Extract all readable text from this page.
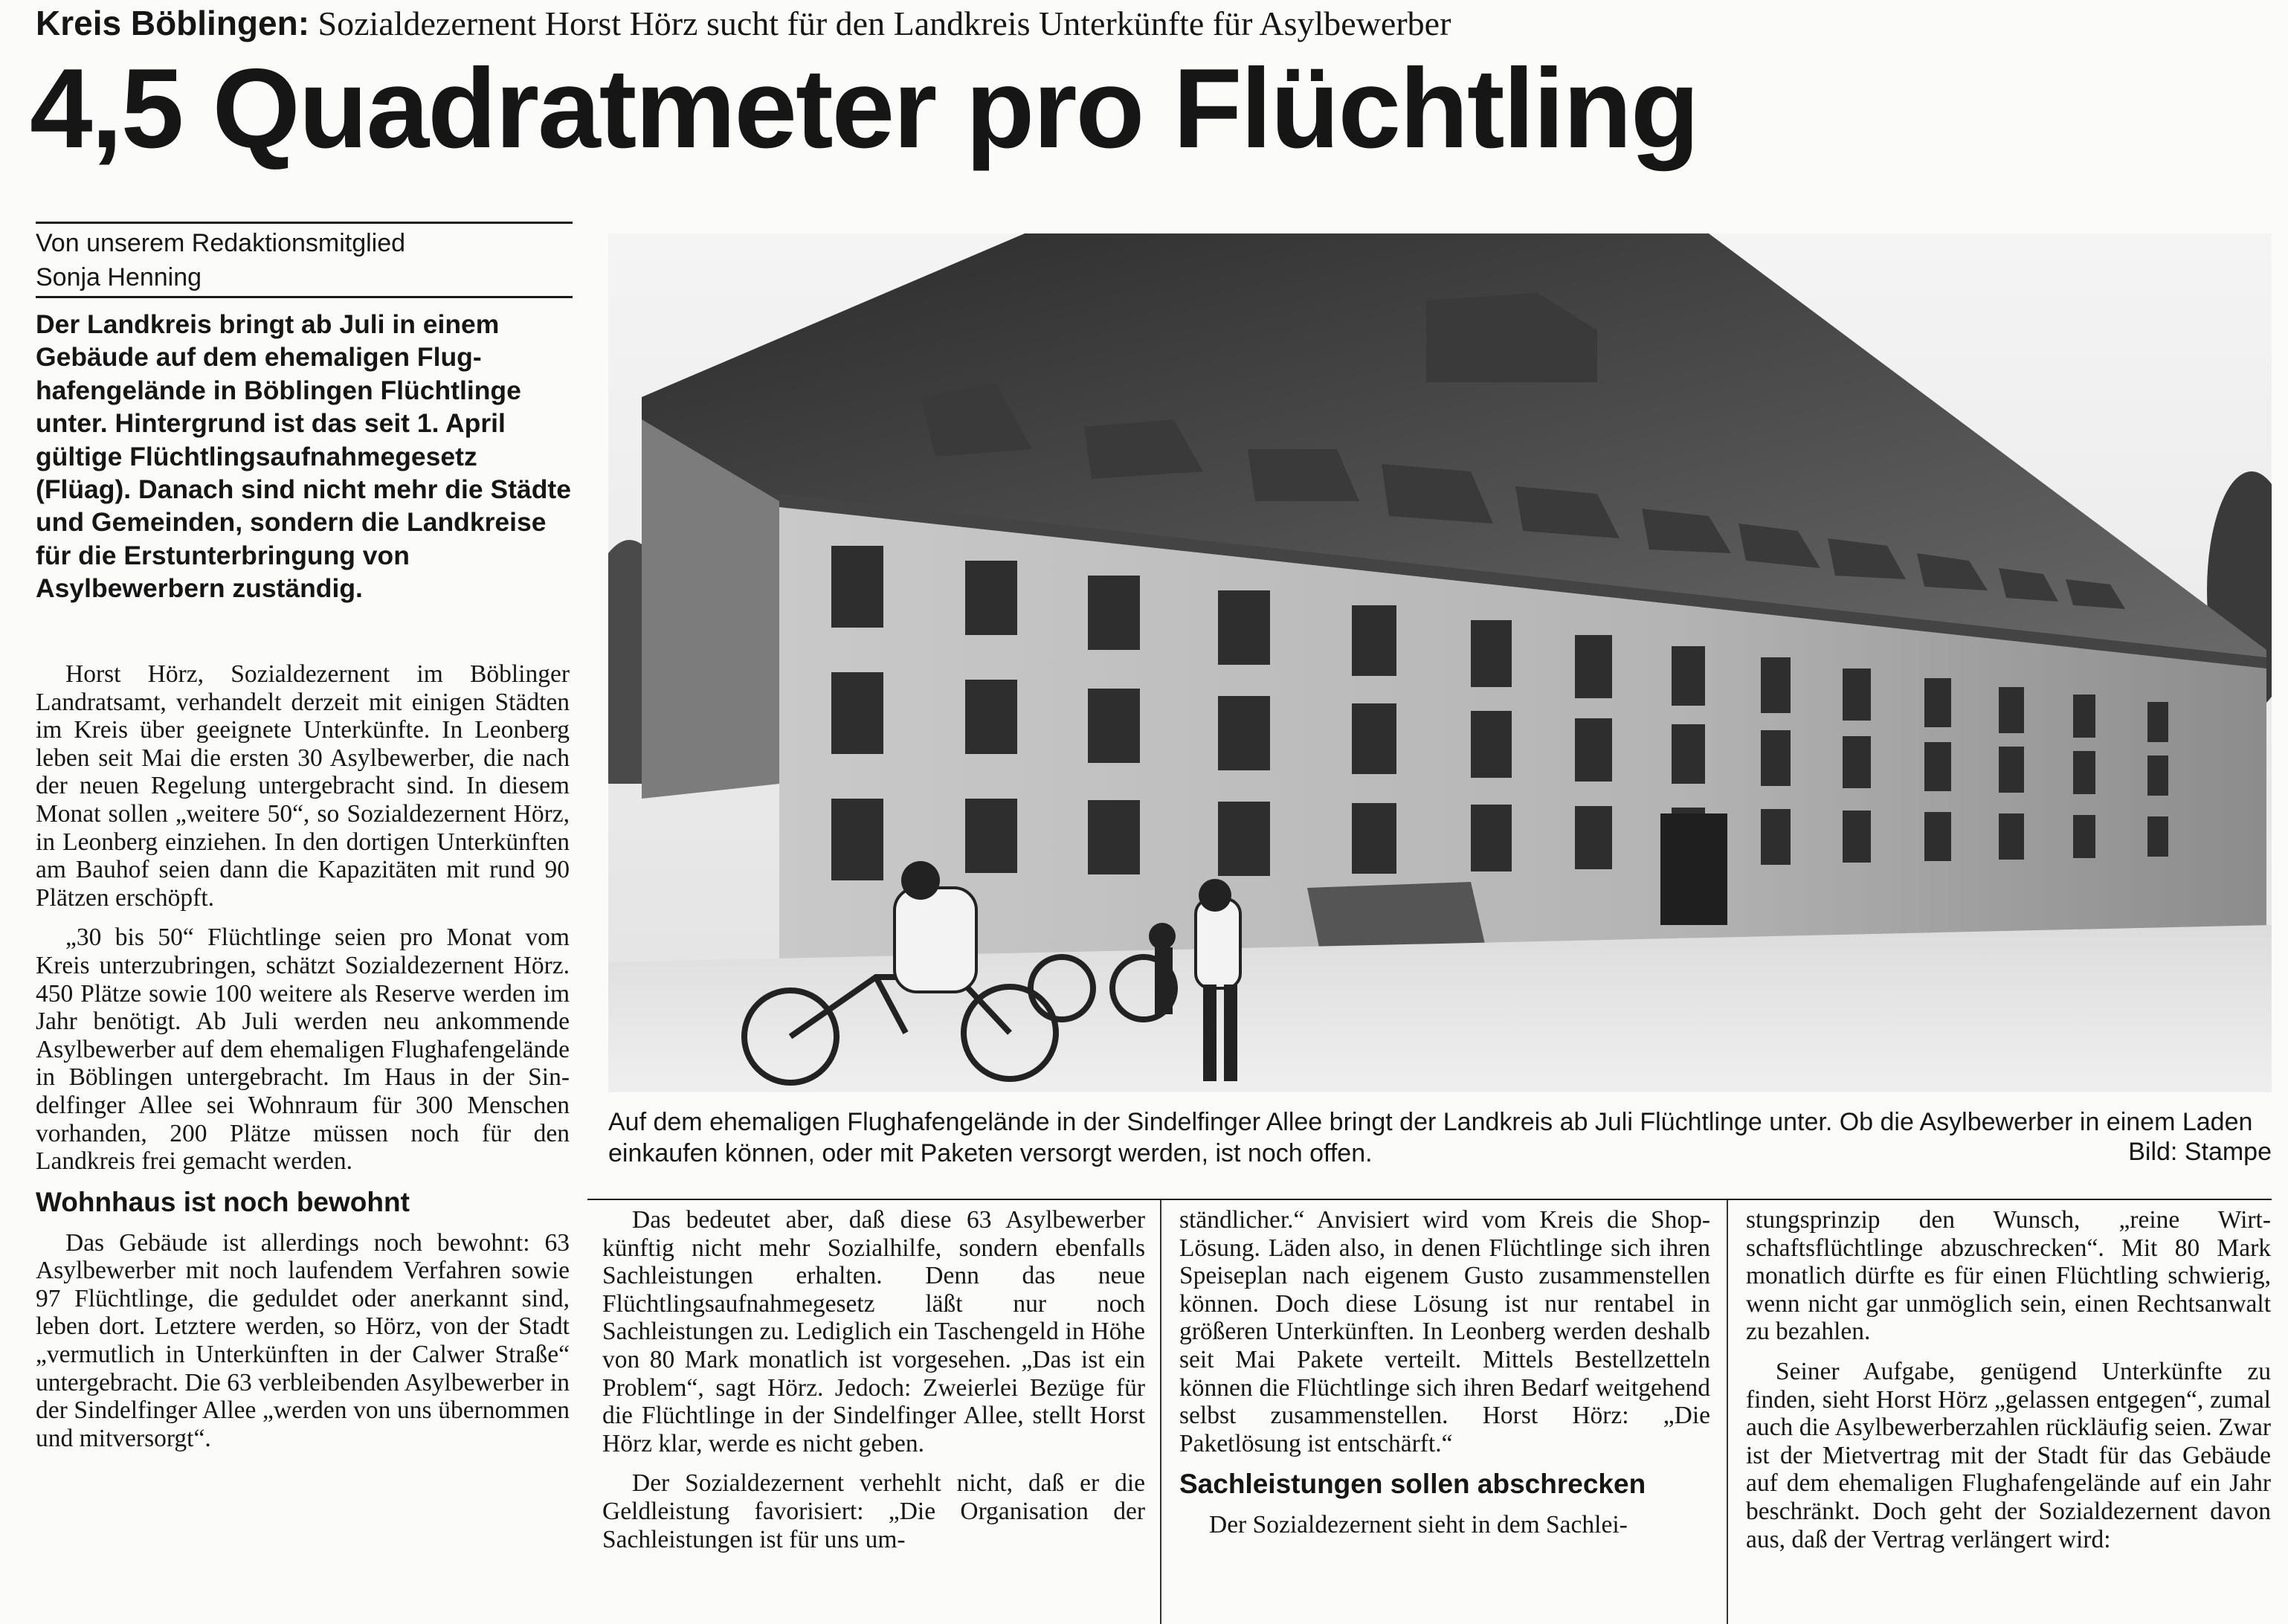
Kreis Böblingen: Sozialdezernent Horst Hörz sucht für den Landkreis Unterkünfte für Asylbewerber
4,5 Quadratmeter pro Flüchtling
Von unserem Redaktionsmitglied
Sonja Henning
Der Landkreis bringt ab Juli in einem Gebäude auf dem ehemaligen Flughafengelände in Böblingen Flüchtlinge unter. Hintergrund ist das seit 1. April gültige Flüchtlingsaufnahmegesetz (Flüag). Danach sind nicht mehr die Städte und Gemeinden, sondern die Landkreise für die Erstunterbringung von Asylbewerbern zuständig.

Horst Hörz, Sozialdezernent im Böblinger Landratsamt, verhandelt derzeit mit einigen Städten im Kreis über geeignete Unterkünfte. In Leonberg leben seit Mai die ersten 30 Asylbewerber, die nach der neuen Regelung untergebracht sind. In diesem Monat sollen „weitere 50“, so Sozialdezernent Hörz, in Leonberg einziehen. In den dortigen Unterkünften am Bauhof seien dann die Kapazitäten mit rund 90 Plätzen erschöpft.

„30 bis 50“ Flüchtlinge seien pro Monat vom Kreis unterzubringen, schätzt Sozialdezernent Hörz. 450 Plätze sowie 100 weitere als Reserve werden im Jahr benötigt. Ab Juli werden neu ankommende Asylbewerber auf dem ehemaligen Flughafengelände in Böblingen untergebracht. Im Haus in der Sindelfinger Allee sei Wohnraum für 300 Menschen vorhanden, 200 Plätze müssen noch für den Landkreis frei gemacht werden.

Wohnhaus ist noch bewohnt

Das Gebäude ist allerdings noch bewohnt: 63 Asylbewerber mit noch laufendem Verfahren sowie 97 Flüchtlinge, die geduldet oder anerkannt sind, leben dort. Letztere werden, so Hörz, von der Stadt „vermutlich in Unterkünften in der Calwer Straße“ untergebracht. Die 63 verbleibenden Asylbewerber in der Sindelfinger Allee „werden von uns übernommen und mitversorgt“.

Auf dem ehemaligen Flughafengelände in der Sindelfinger Allee bringt der Landkreis ab Juli Flüchtlinge unter. Ob die Asylbewerber in einem Laden einkaufen können, oder mit Paketen versorgt werden, ist noch offen.	Bild: Stampe

Das bedeutet aber, daß diese 63 Asylbewerber künftig nicht mehr Sozialhilfe, sondern ebenfalls Sachleistungen erhalten. Denn das neue Flüchtlingsaufnahmegesetz läßt nur noch Sachleistungen zu. Lediglich ein Taschengeld in Höhe von 80 Mark monatlich ist vorgesehen. „Das ist ein Problem“, sagt Hörz. Jedoch: Zweierlei Bezüge für die Flüchtlinge in der Sindelfinger Allee, stellt Horst Hörz klar, werde es nicht geben.

Der Sozialdezernent verhehlt nicht, daß er die Geldleistung favorisiert: „Die Organisation der Sachleistungen ist für uns um-

ständlicher.“ Anvisiert wird vom Kreis die Shop-Lösung. Läden also, in denen Flüchtlinge sich ihren Speiseplan nach eigenem Gusto zusammenstellen können. Doch diese Lösung ist nur rentabel in größeren Unterkünften. In Leonberg werden deshalb seit Mai Pakete verteilt. Mittels Bestellzetteln können die Flüchtlinge sich ihren Bedarf weitgehend selbst zusammenstellen. Horst Hörz: „Die Paketlösung ist entschärft.“

Sachleistungen sollen abschrecken

Der Sozialdezernent sieht in dem Sachlei-

stungsprinzip den Wunsch, „reine Wirtschaftsflüchtlinge abzuschrecken“. Mit 80 Mark monatlich dürfte es für einen Flüchtling schwierig, wenn nicht gar unmöglich sein, einen Rechtsanwalt zu bezahlen.

Seiner Aufgabe, genügend Unterkünfte zu finden, sieht Horst Hörz „gelassen entgegen“, zumal auch die Asylbewerberzahlen rückläufig seien. Zwar ist der Mietvertrag mit der Stadt für das Gebäude auf dem ehemaligen Flughafengelände auf ein Jahr beschränkt. Doch geht der Sozialdezernent davon aus, daß der Vertrag verlängert wird:
